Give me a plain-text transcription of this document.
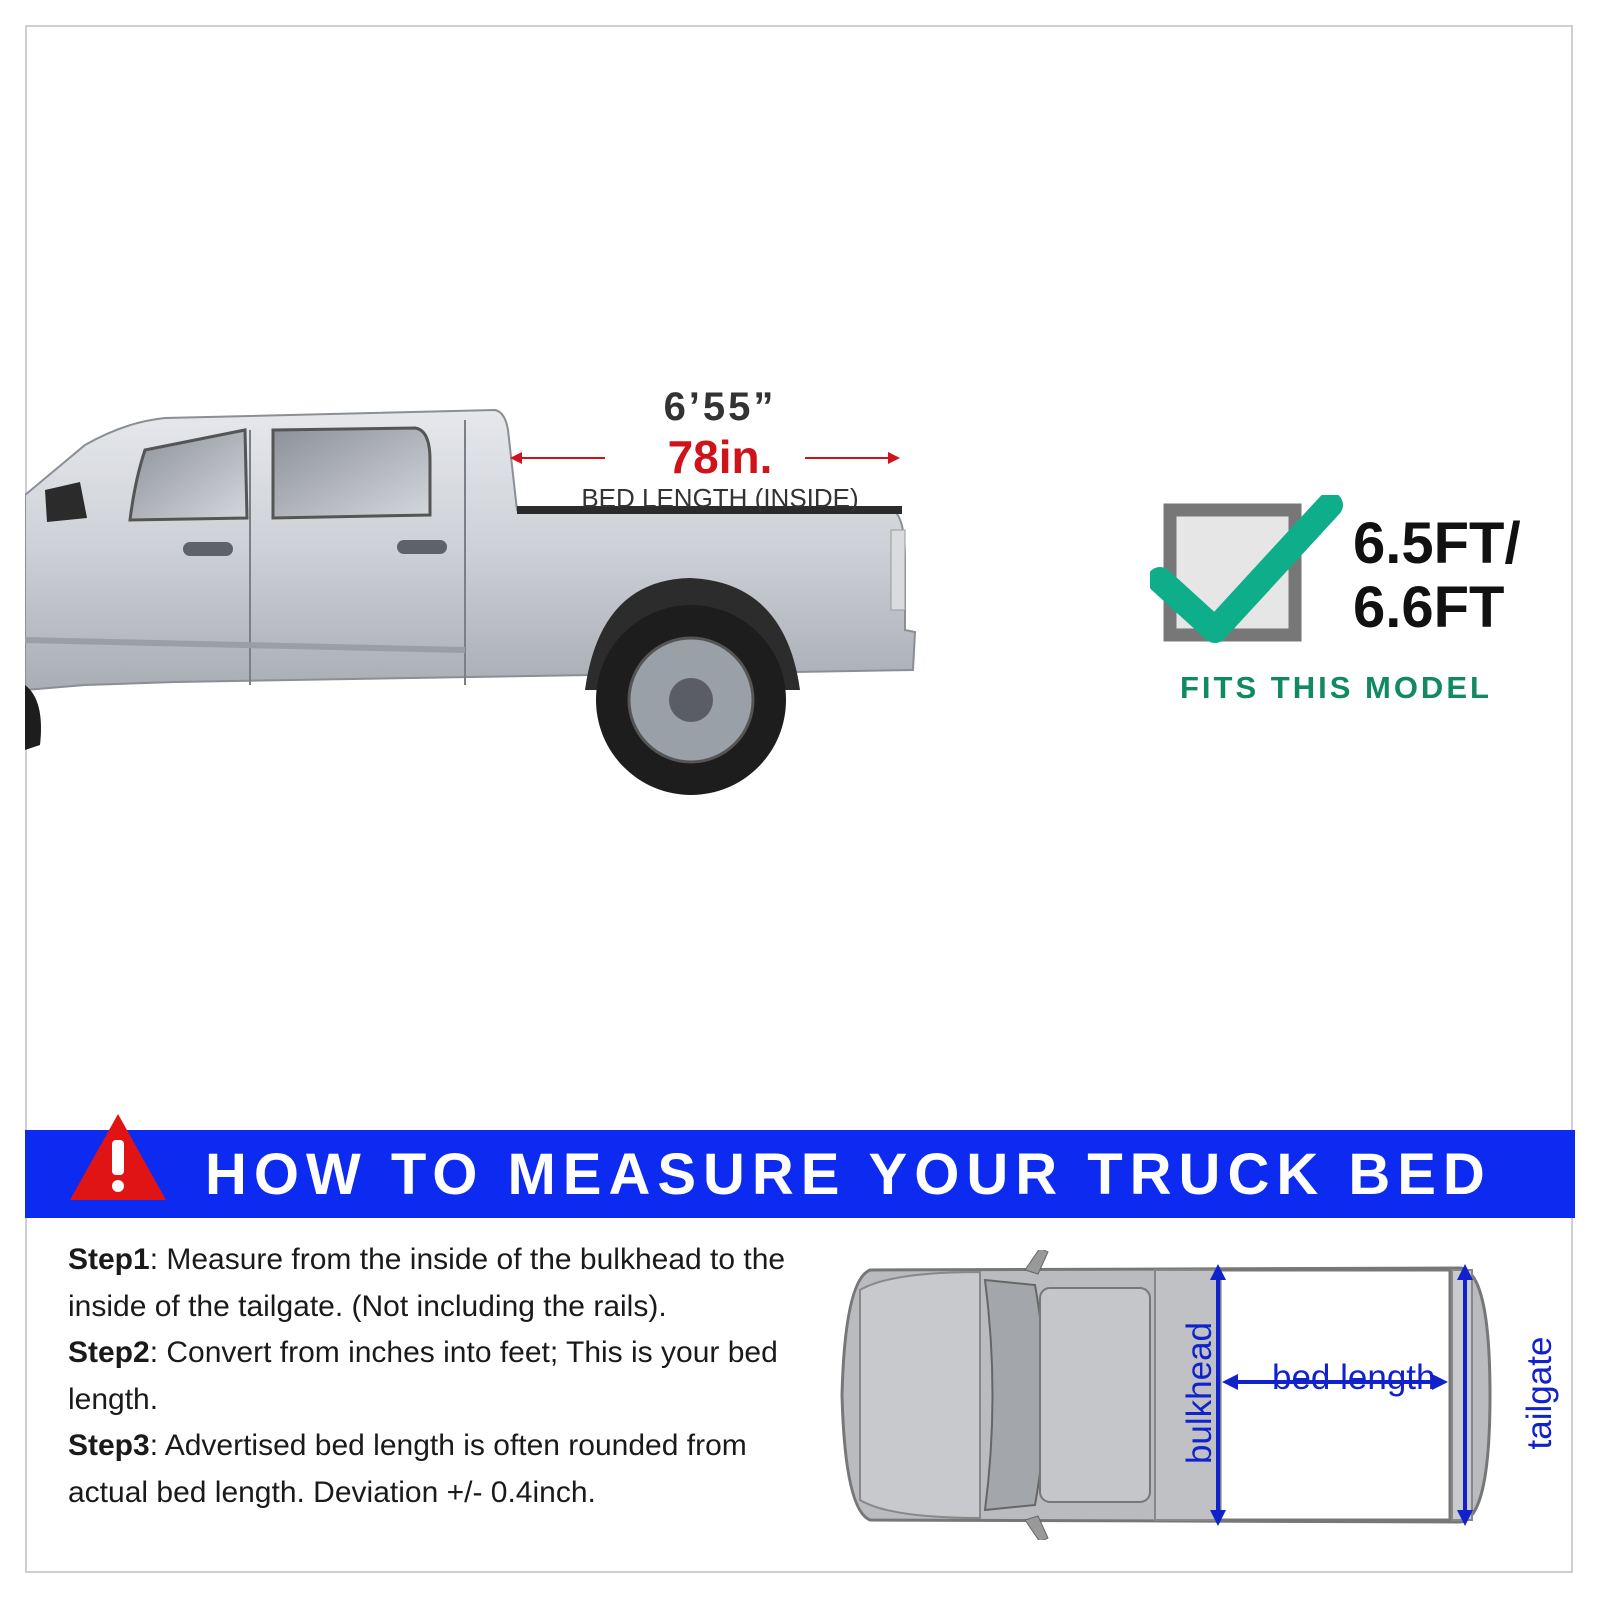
6’55”
78in.
BED LENGTH (INSIDE)
6.5FT/
6.6FT
FITS THIS MODEL
HOW TO MEASURE YOUR TRUCK BED

Step1: Measure from the inside of the bulkhead to the inside of the tailgate. (Not including the rails).

Step2: Convert from inches into feet; This is your bed length.

Step3: Advertised bed length is often rounded from actual bed length. Deviation +/- 0.4inch.

bed length
bulkhead	tailgate
